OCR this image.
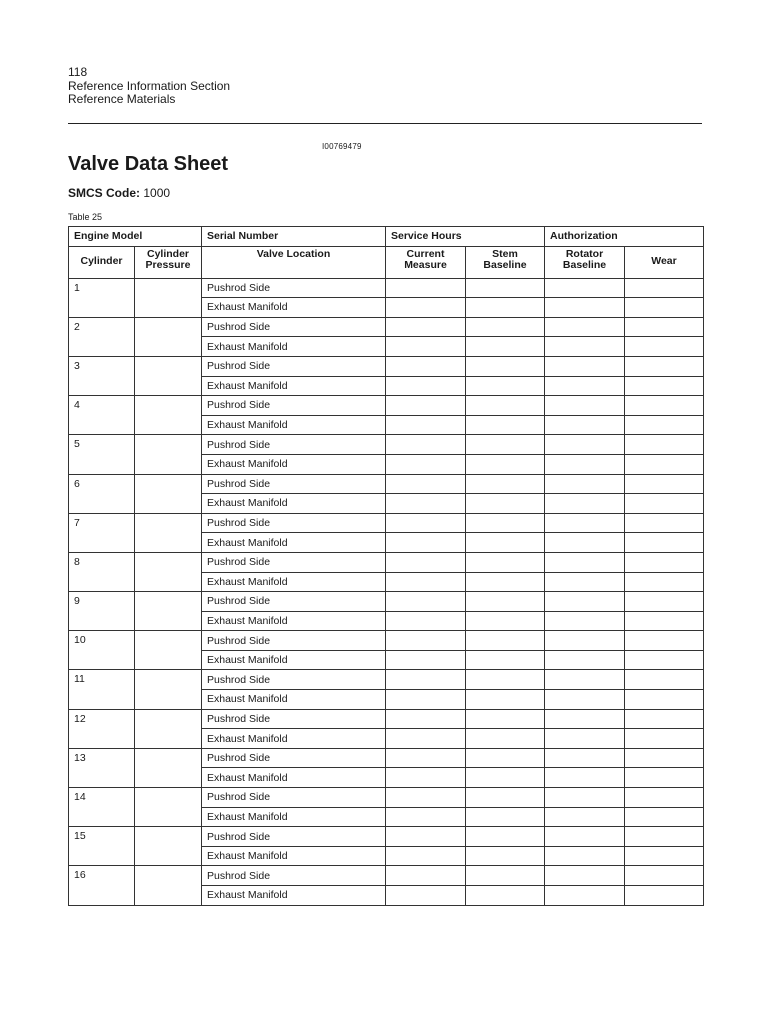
118
Reference Information Section
Reference Materials
I00769479
Valve Data Sheet
SMCS Code: 1000
Table 25
Engine Model		Serial Number	Service Hours		Authorization	
Cylinder	Cylinder Pressure	Valve Location	Current Measure	Stem Baseline	Rotator Baseline	Wear
1		Pushrod Side				
		Exhaust Manifold				
2		Pushrod Side				
		Exhaust Manifold				
3		Pushrod Side				
		Exhaust Manifold				
4		Pushrod Side				
		Exhaust Manifold				
5		Pushrod Side				
		Exhaust Manifold				
6		Pushrod Side				
		Exhaust Manifold				
7		Pushrod Side				
		Exhaust Manifold				
8		Pushrod Side				
		Exhaust Manifold				
9		Pushrod Side				
		Exhaust Manifold				
10		Pushrod Side				
		Exhaust Manifold				
11		Pushrod Side				
		Exhaust Manifold				
12		Pushrod Side				
		Exhaust Manifold				
13		Pushrod Side				
		Exhaust Manifold				
14		Pushrod Side				
		Exhaust Manifold				
15		Pushrod Side				
		Exhaust Manifold				
16		Pushrod Side				
		Exhaust Manifold				
